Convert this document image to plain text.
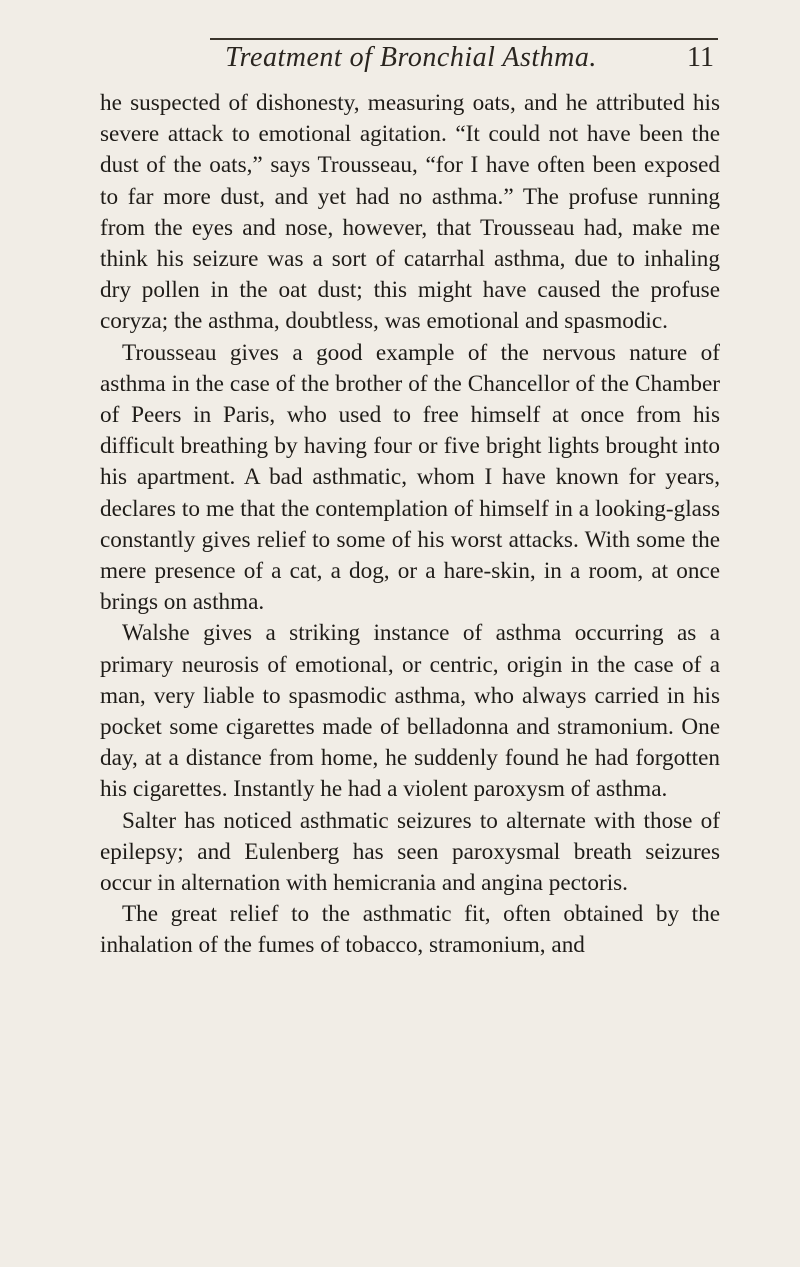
Treatment of Bronchial Asthma.	11

he suspected of dishonesty, measuring oats, and he attributed his severe attack to emotional agitation. “It could not have been the dust of the oats,” says Trousseau, “for I have often been exposed to far more dust, and yet had no asthma.” The profuse running from the eyes and nose, however, that Trousseau had, make me think his seizure was a sort of catarrhal asthma, due to inhaling dry pollen in the oat dust; this might have caused the profuse coryza; the asthma, doubtless, was emotional and spasmodic.

Trousseau gives a good example of the nervous nature of asthma in the case of the brother of the Chancellor of the Chamber of Peers in Paris, who used to free himself at once from his difficult breathing by having four or five bright lights brought into his apartment. A bad asthmatic, whom I have known for years, declares to me that the contemplation of himself in a looking-glass constantly gives relief to some of his worst attacks. With some the mere presence of a cat, a dog, or a hare-skin, in a room, at once brings on asthma.

Walshe gives a striking instance of asthma occurring as a primary neurosis of emotional, or centric, origin in the case of a man, very liable to spasmodic asthma, who always carried in his pocket some cigarettes made of belladonna and stramonium. One day, at a distance from home, he suddenly found he had forgotten his cigarettes. Instantly he had a violent paroxysm of asthma.

Salter has noticed asthmatic seizures to alternate with those of epilepsy; and Eulenberg has seen paroxysmal breath seizures occur in alternation with hemicrania and angina pectoris.

The great relief to the asthmatic fit, often obtained by the inhalation of the fumes of tobacco, stramonium, and
